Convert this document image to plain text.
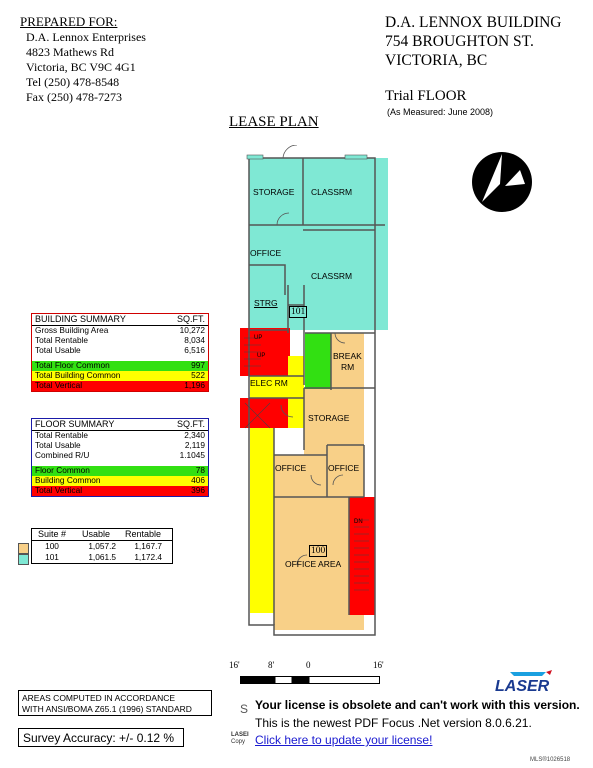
PREPARED FOR:
D.A. Lennox Enterprises
4823 Mathews Rd
Victoria, BC V9C 4G1
Tel (250) 478-8548
Fax (250) 478-7273
D.A. LENNOX BUILDING
754 BROUGHTON ST.
VICTORIA, BC
Trial FLOOR
(As Measured: June 2008)
LEASE PLAN
BUILDING SUMMARY	SQ.FT.
Gross Building Area	10,272
Total Rentable	8,034
Total Usable	6,516
Total Floor Common	997
Total Building Common	522
Total Vertical	1,196
FLOOR SUMMARY	SQ.FT.
Total Rentable	2,340
Total Usable	2,119
Combined R/U	1.1045
Floor Common	78
Building Common	406
Total Vertical	396
Suite #	Usable	Rentable
100	1,057.2	1,167.7
101	1,061.5	1,172.4
STORAGE CLASSRM
OFFICE
CLASSRM
STRG
101
UP
UP	BREAK
RM
ELEC RM
STORAGE
OFFICE	OFFICE
DN
100
OFFICE AREA
16'	8'	0	16'
LASER
AREAS COMPUTED IN ACCORDANCE
WITH ANSI/BOMA Z65.1 (1996) STANDARD
Survey Accuracy: +/- 0.12 %
S
LASEI
Copy
Your license is obsolete and can't work with this version.
This is the newest PDF Focus .Net version 8.0.6.21.
Click here to update your license!
MLS®1026518
